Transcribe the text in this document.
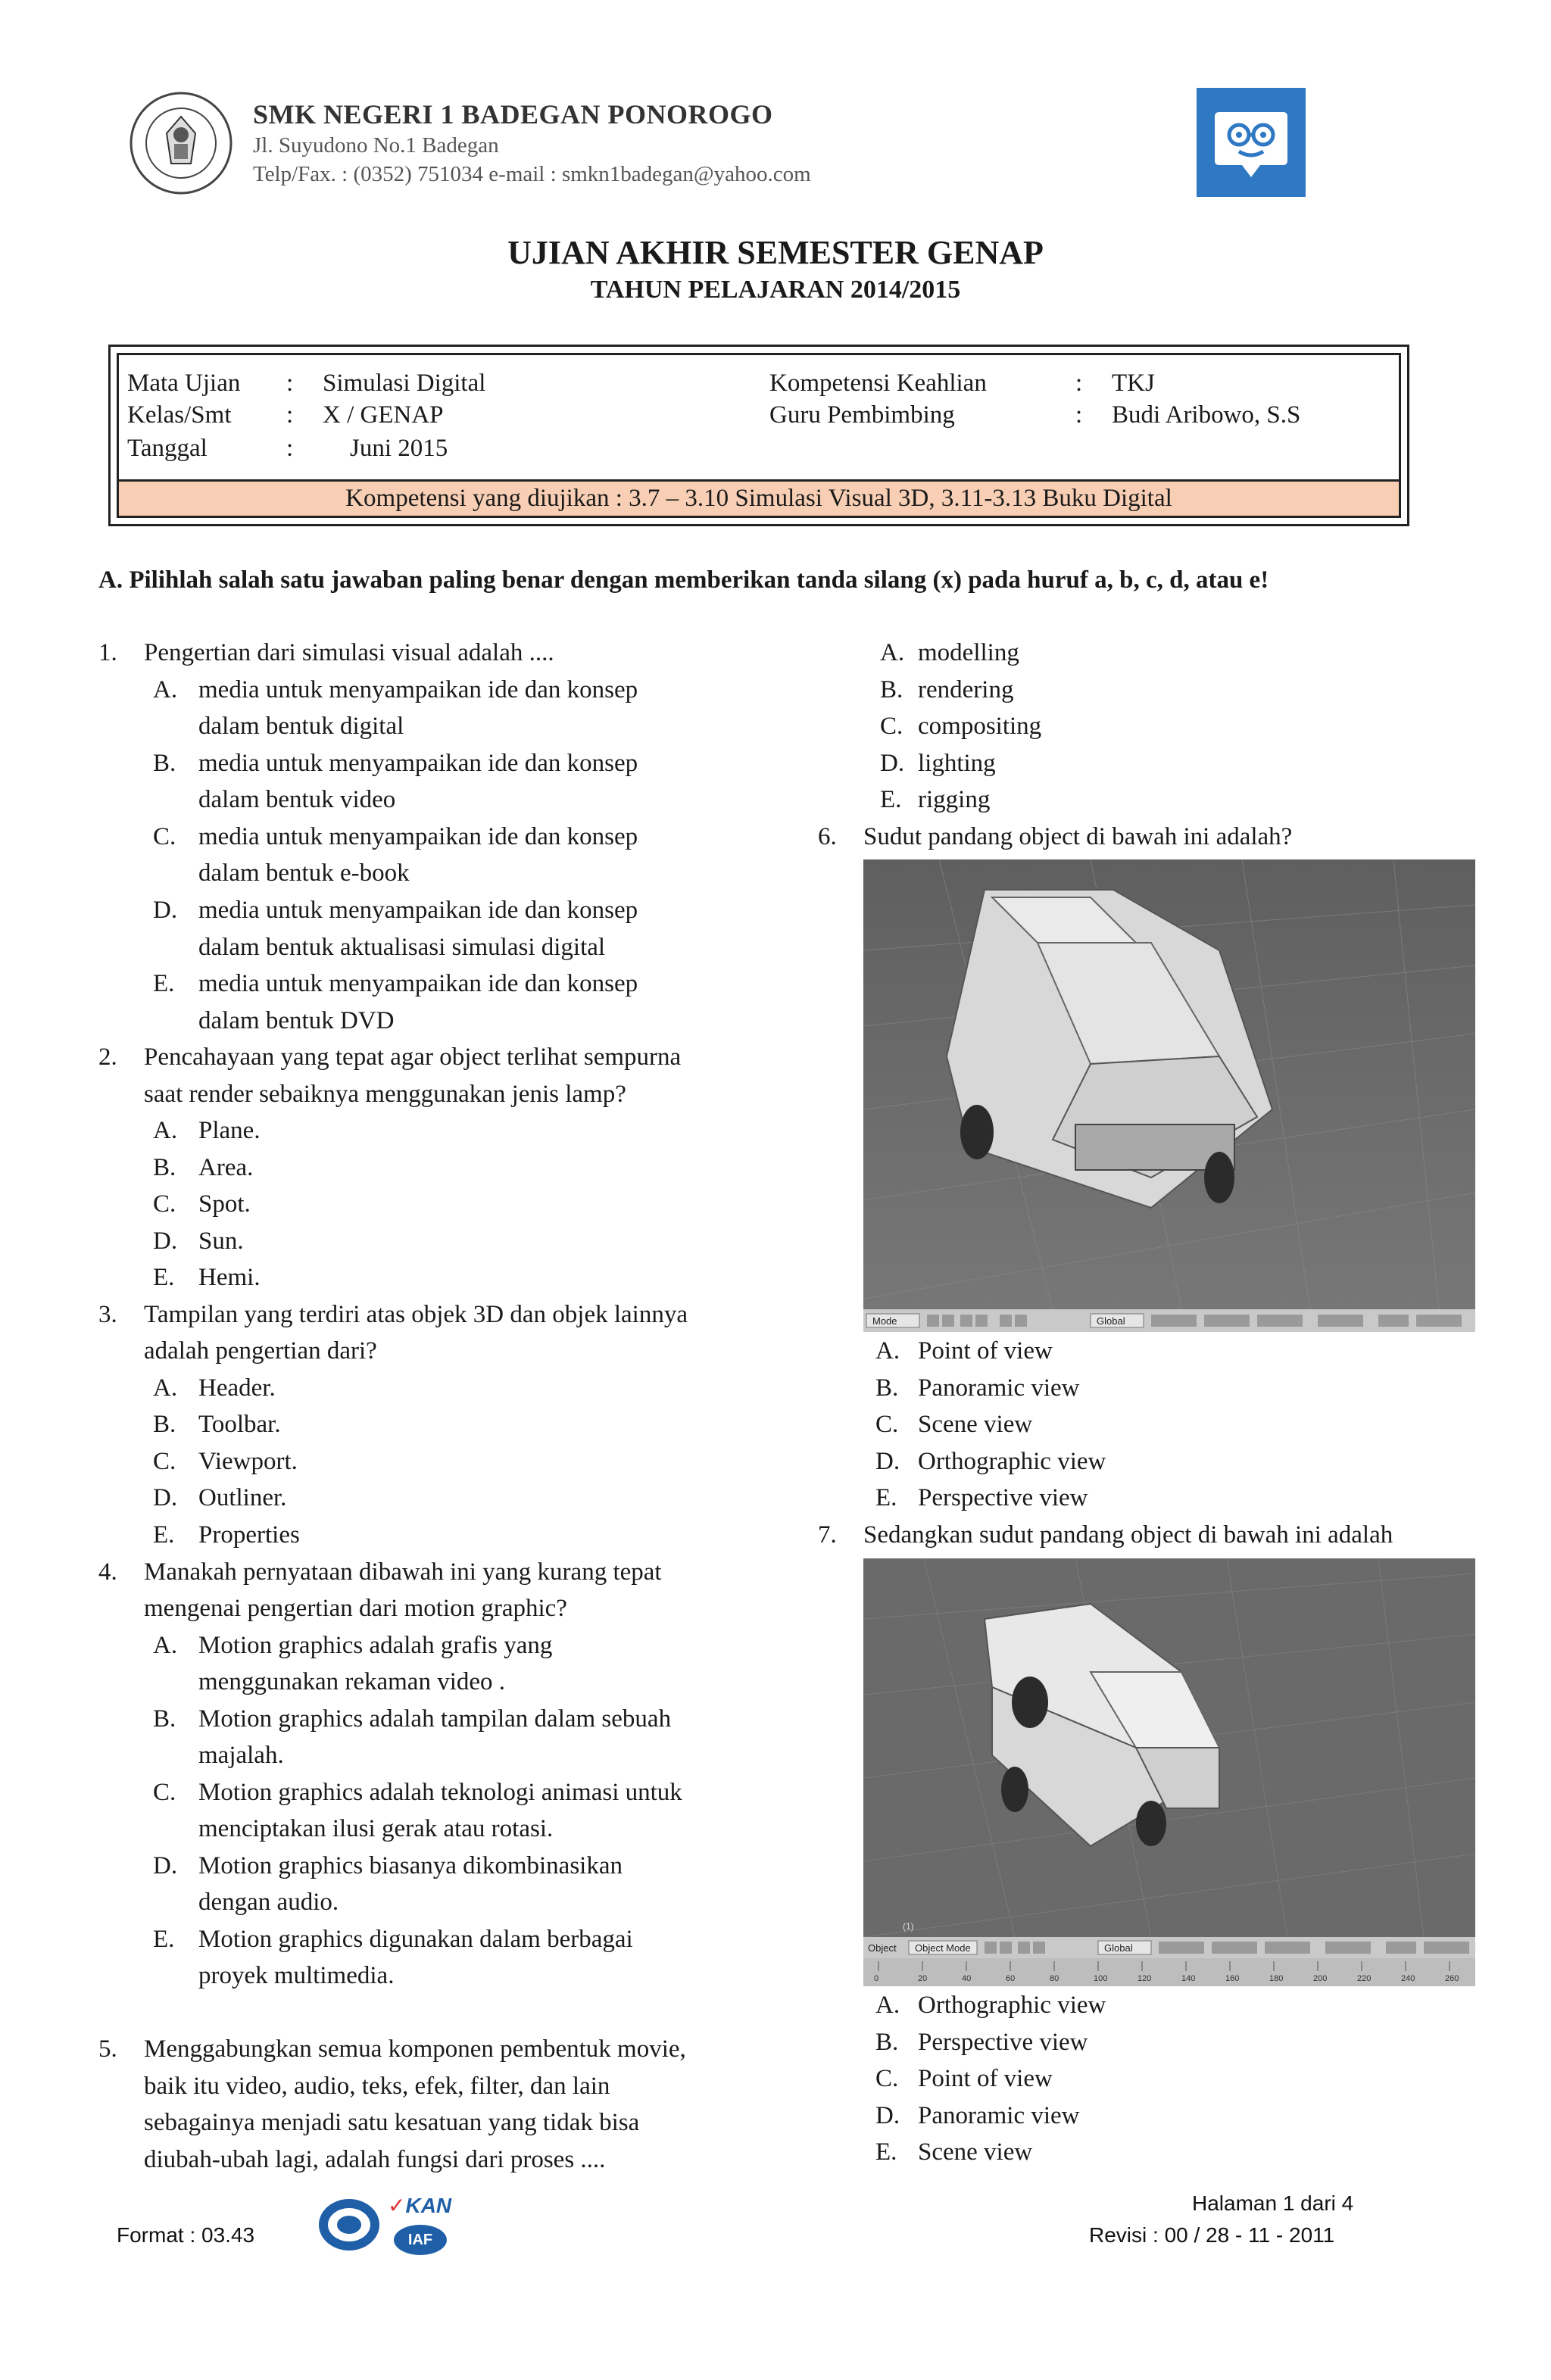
SMK NEGERI 1 BADEGAN PONOROGO
Jl. Suyudono No.1 Badegan
Telp/Fax. : (0352) 751034 e-mail : smkn1badegan@yahoo.com
UJIAN AKHIR SEMESTER GENAP
TAHUN PELAJARAN 2014/2015
Mata Ujian : Simulasi Digital
Kelas/Smt : X / GENAP
Tanggal	: Juni 2015
Kompetensi Keahlian	: TKJ
Guru Pembimbing	: Budi Aribowo, S.S
Kompetensi yang diujikan : 3.7 – 3.10 Simulasi Visual 3D, 3.11-3.13 Buku Digital
A. Pilihlah salah satu jawaban paling benar dengan memberikan tanda silang (x) pada huruf a, b, c, d, atau e!
1. Pengertian dari simulasi visual adalah ....
A. media untuk menyampaikan ide dan konsep
dalam bentuk digital
B. media untuk menyampaikan ide dan konsep
dalam bentuk video
C. media untuk menyampaikan ide dan konsep
dalam bentuk e-book
D. media untuk menyampaikan ide dan konsep
dalam bentuk aktualisasi simulasi digital
E. media untuk menyampaikan ide dan konsep
dalam bentuk DVD
2. Pencahayaan yang tepat agar object terlihat sempurna
saat render sebaiknya menggunakan jenis lamp?
A. Plane.
B. Area.
C. Spot.
D. Sun.
E. Hemi.
3. Tampilan yang terdiri atas objek 3D dan objek lainnya
adalah pengertian dari?
A. Header.
B. Toolbar.
C. Viewport.
D. Outliner.
E. Properties
4. Manakah pernyataan dibawah ini yang kurang tepat
mengenai pengertian dari motion graphic?
A. Motion graphics adalah grafis yang
menggunakan rekaman video .
B. Motion graphics adalah tampilan dalam sebuah
majalah.
C. Motion graphics adalah teknologi animasi untuk
menciptakan ilusi gerak atau rotasi.
D. Motion graphics biasanya dikombinasikan
dengan audio.
E. Motion graphics digunakan dalam berbagai
proyek multimedia.
5. Menggabungkan semua komponen pembentuk movie,
baik itu video, audio, teks, efek, filter, dan lain
sebagainya menjadi satu kesatuan yang tidak bisa
diubah-ubah lagi, adalah fungsi dari proses ....
A. modelling
B. rendering
C. compositing
D. lighting
E. rigging
6. Sudut pandang object di bawah ini adalah?
Mode	Global
A. Point of view
B. Panoramic view
C. Scene view
D. Orthographic view
E. Perspective view
7. Sedangkan sudut pandang object di bawah ini adalah
(1)
Object Object Mode	Global
0	20	40	60	80	100	120	140	160	180	200	220	240	260
A. Orthographic view
B. Perspective view
C. Point of view
D. Panoramic view
E. Scene view
Halaman 1 dari 4
Format : 03.43	Revisi : 00 / 28 - 11 - 2011
✓KAN
IAF
